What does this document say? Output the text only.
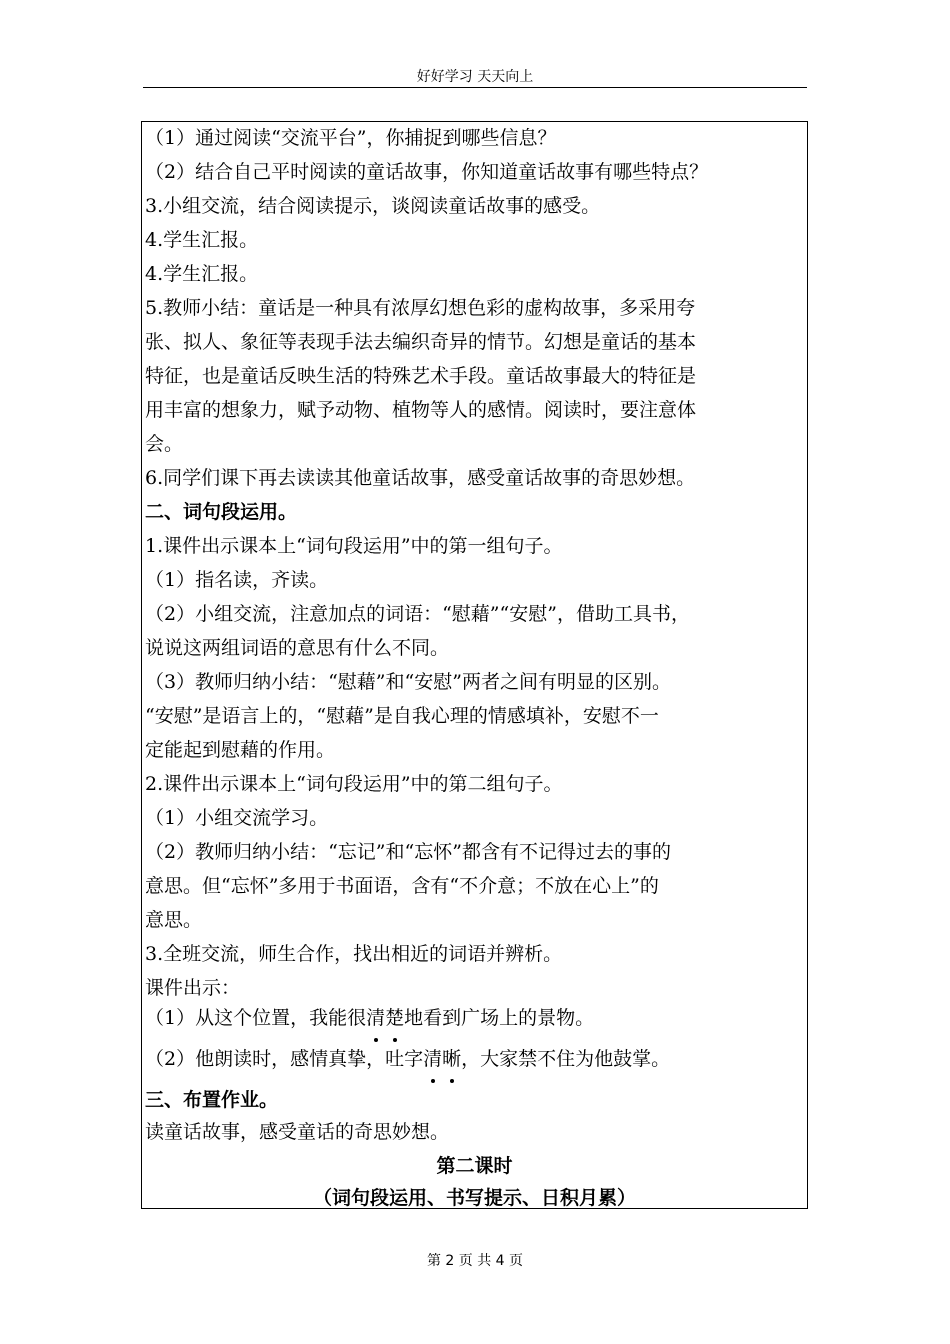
好好学习 天天向上
（1）通过阅读“交流平台”，你捕捉到哪些信息？
（2）结合自己平时阅读的童话故事，你知道童话故事有哪些特点？
3.小组交流，结合阅读提示，谈阅读童话故事的感受。
4.学生汇报。
4.学生汇报。
5.教师小结：童话是一种具有浓厚幻想色彩的虚构故事，多采用夸
张、拟人、象征等表现手法去编织奇异的情节。幻想是童话的基本
特征，也是童话反映生活的特殊艺术手段。童话故事最大的特征是
用丰富的想象力，赋予动物、植物等人的感情。阅读时，要注意体
会。
6.同学们课下再去读读其他童话故事，感受童话故事的奇思妙想。
二、词句段运用。
1.课件出示课本上“词句段运用”中的第一组句子。
（1）指名读，齐读。
（2）小组交流，注意加点的词语：“慰藉”“安慰”，借助工具书，
说说这两组词语的意思有什么不同。
（3）教师归纳小结：“慰藉”和“安慰”两者之间有明显的区别。
“安慰”是语言上的，“慰藉”是自我心理的情感填补，安慰不一
定能起到慰藉的作用。
2.课件出示课本上“词句段运用”中的第二组句子。
（1）小组交流学习。
（2）教师归纳小结：“忘记”和“忘怀”都含有不记得过去的事的
意思。但“忘怀”多用于书面语，含有“不介意；不放在心上”的
意思。
3.全班交流，师生合作，找出相近的词语并辨析。
课件出示：
（1）从这个位置，我能很清楚地看到广场上的景物。
（2）他朗读时，感情真挚，吐字清晰，大家禁不住为他鼓掌。
三、布置作业。
读童话故事，感受童话的奇思妙想。
第二课时
（词句段运用、书写提示、日积月累）
第 2 页 共 4 页
